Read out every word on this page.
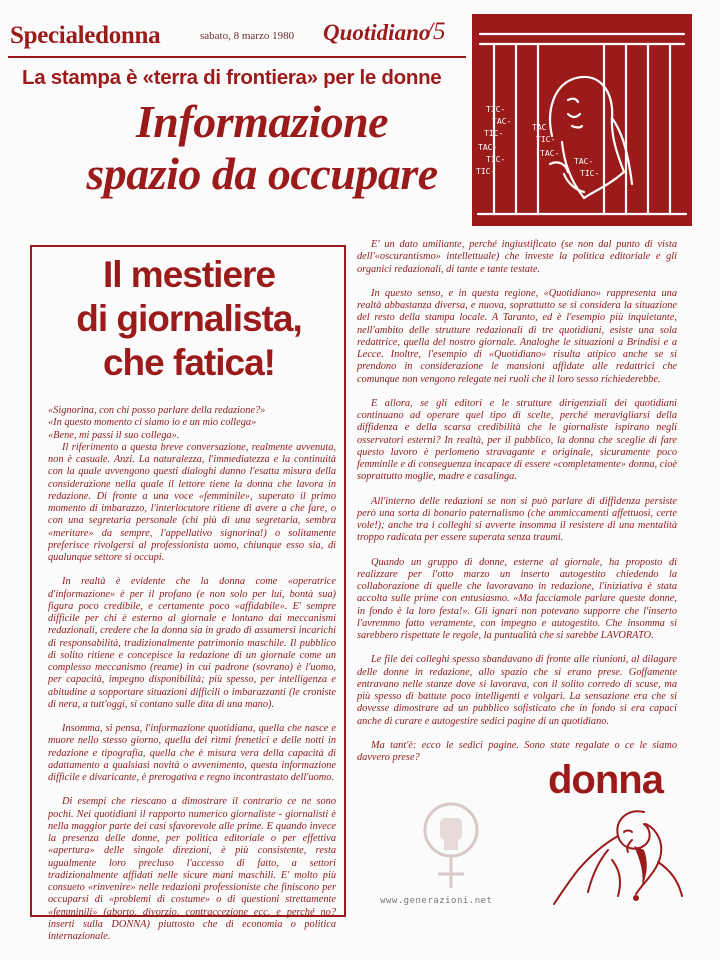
Specialedonna	sabato, 8 marzo 1980 Quotidiano
/5
La stampa è «terra di frontiera» per le donne
Informazione
spazio da occupare
TIC-
TAC-
TIC-
TAC
TIC-
TAC-
TIC-
TIC-
TAC-
TAC-
TIC-
Il mestiere
di giornalista,
che fatica!

«Signorina, con chi posso parlare della redazione?»

«In questo momento ci siamo io e un mio collega»

«Bene, mi passi il suo collega».

Il riferimento a questa breve conversazione, realmente avvenuta, non è casuale. Anzi. La naturalezza, l'immediatezza e la continuità con la quale avvengono questi dialoghi danno l'esatta misura della considerazione nella quale il lettore tiene la donna che lavora in redazione. Di fronte a una voce «femminile», superato il primo momento di imbarazzo, l'interlocutore ritiene di avere a che fare, o con una segretaria personale (chi più di una segretaria, sembra «meritare» da sempre, l'appellativo signorina!) o solitamente preferisce rivolgersi al professionista uomo, chiunque esso sia, di qualunque settore si occupi.

In realtà è evidente che la donna come «operatrice d'informazione» è per il profano (e non solo per lui, bontà sua) figura poco credibile, e certamente poco «affidabile». E' sempre difficile per chi è esterno al giornale e lontano dai meccanismi redazionali, credere che la donna sia in grado di assumersi incarichi di responsabilità, tradizionalmente patrimonio maschile. Il pubblico di solito ritiene e concepisce la redazione di un giornale come un complesso meccanismo (reame) in cui padrone (sovrano) è l'uomo, per capacità, impegno disponibilità; più spesso, per intelligenza e abitudine a sopportare situazioni difficili o imbarazzanti (le croniste di nera, a tutt'oggi, si contano sulle dita di una mano).

Insomma, si pensa, l'informazione quotidiana, quella che nasce e muore nello stesso giorno, quella dei ritmi frenetici e delle notti in redazione e tipografia, quella che è misura vera della capacità di adattamento a qualsiasi novità o avvenimento, questa informazione difficile e divaricante, è prerogativa e regno incontrastato dell'uomo.

Di esempi che riescano a dimostrare il contrario ce ne sono pochi. Nei quotidiani il rapporto numerico giornaliste - giornalisti è nella maggior parte dei casi sfavorevole alle prime. E quando invece la presenza delle donne, per politica editoriale o per effettiva «apertura» delle singole direzioni, è più consistente, resta ugualmente loro precluso l'accesso di fatto, a settori tradizionalmente affidati nelle sicure mani maschili. E' molto più consueto «rinvenire» nelle redazioni professioniste che finiscono per occuparsi di «problemi di costume» o di questioni strettamente «femminili» (aborto, divorzio, contraccezione ecc. e perché no? inserti sulla DONNA) piuttosto che di economia o politica internazionale.

E' un dato umiliante, perché ingiustificato (se non dal punto di vista dell'«oscurantismo» intellettuale) che investe la politica editoriale e gli organici redazionali, di tante e tante testate.

In questo senso, e in questa regione, «Quotidiano» rappresenta una realtà abbastanza diversa, e nuova, soprattutto se si considera la situazione del resto della stampa locale. A Taranto, ed è l'esempio più inquietante, nell'ambito delle strutture redazionali di tre quotidiani, esiste una sola redattrice, quella del nostro giornale. Analoghe le situazioni a Brindisi e a Lecce. Inoltre, l'esempio di «Quotidiano» risulta atipico anche se si prendono in considerazione le mansioni affidate alle redattrici che comunque non vengono relegate nei ruoli che il loro sesso richiederebbe.

E allora, se gli editori e le strutture dirigenziali dei quotidiani continuano ad operare quel tipo di scelte, perché meravigliarsi della diffidenza e della scarsa credibilità che le giornaliste ispirano negli osservatori esterni? In realtà, per il pubblico, la donna che sceglie di fare questo lavoro è perlomeno stravagante e originale, sicuramente poco femminile e di conseguenza incapace di essere «completamente» donna, cioè soprattutto moglie, madre e casalinga.

All'interno delle redazioni se non si può parlare di diffidenza persiste però una sorta di bonario paternalismo (che ammiccamenti affettuosi, certe vole!); anche tra i colleghi si avverte insomma il resistere di una mentalità troppo radicata per essere superata senza traumi.

Quando un gruppo di donne, esterne al giornale, ha proposto di realizzare per l'otto marzo un inserto autogestito chiedendo la collaborazione di quelle che lavoravano in redazione, l'iniziativa è stata accolta sulle prime con entusiasmo. «Ma facciamole parlare queste donne, in fondo è la loro festa!». Gli ignari non potevano supporre che l'inserto l'avremmo fatto veramente, con impegno e autogestito. Che insomma si sarebbero rispettate le regole, la puntualità che si sarebbe LAVORATO.

Le file dei colleghi spesso sbandavano di fronte alle riunioni, al dilagare delle donne in redazione, allo spazio che si erano prese. Goffamente entravano nelle stanze dove si lavorava, con il solito corredo di scuse, ma più spesso di battute poco intelligenti e volgari. La sensazione era che si dovesse dimostrare ad un pubblico sofisticato che in fondo si era capaci anche di curare e autogestire sedici pagine di un quotidiano.

Ma tant'è: ecco le sedici pagine. Sono state regalate o ce le siamo davvero prese?

donna
www.generazioni.net
